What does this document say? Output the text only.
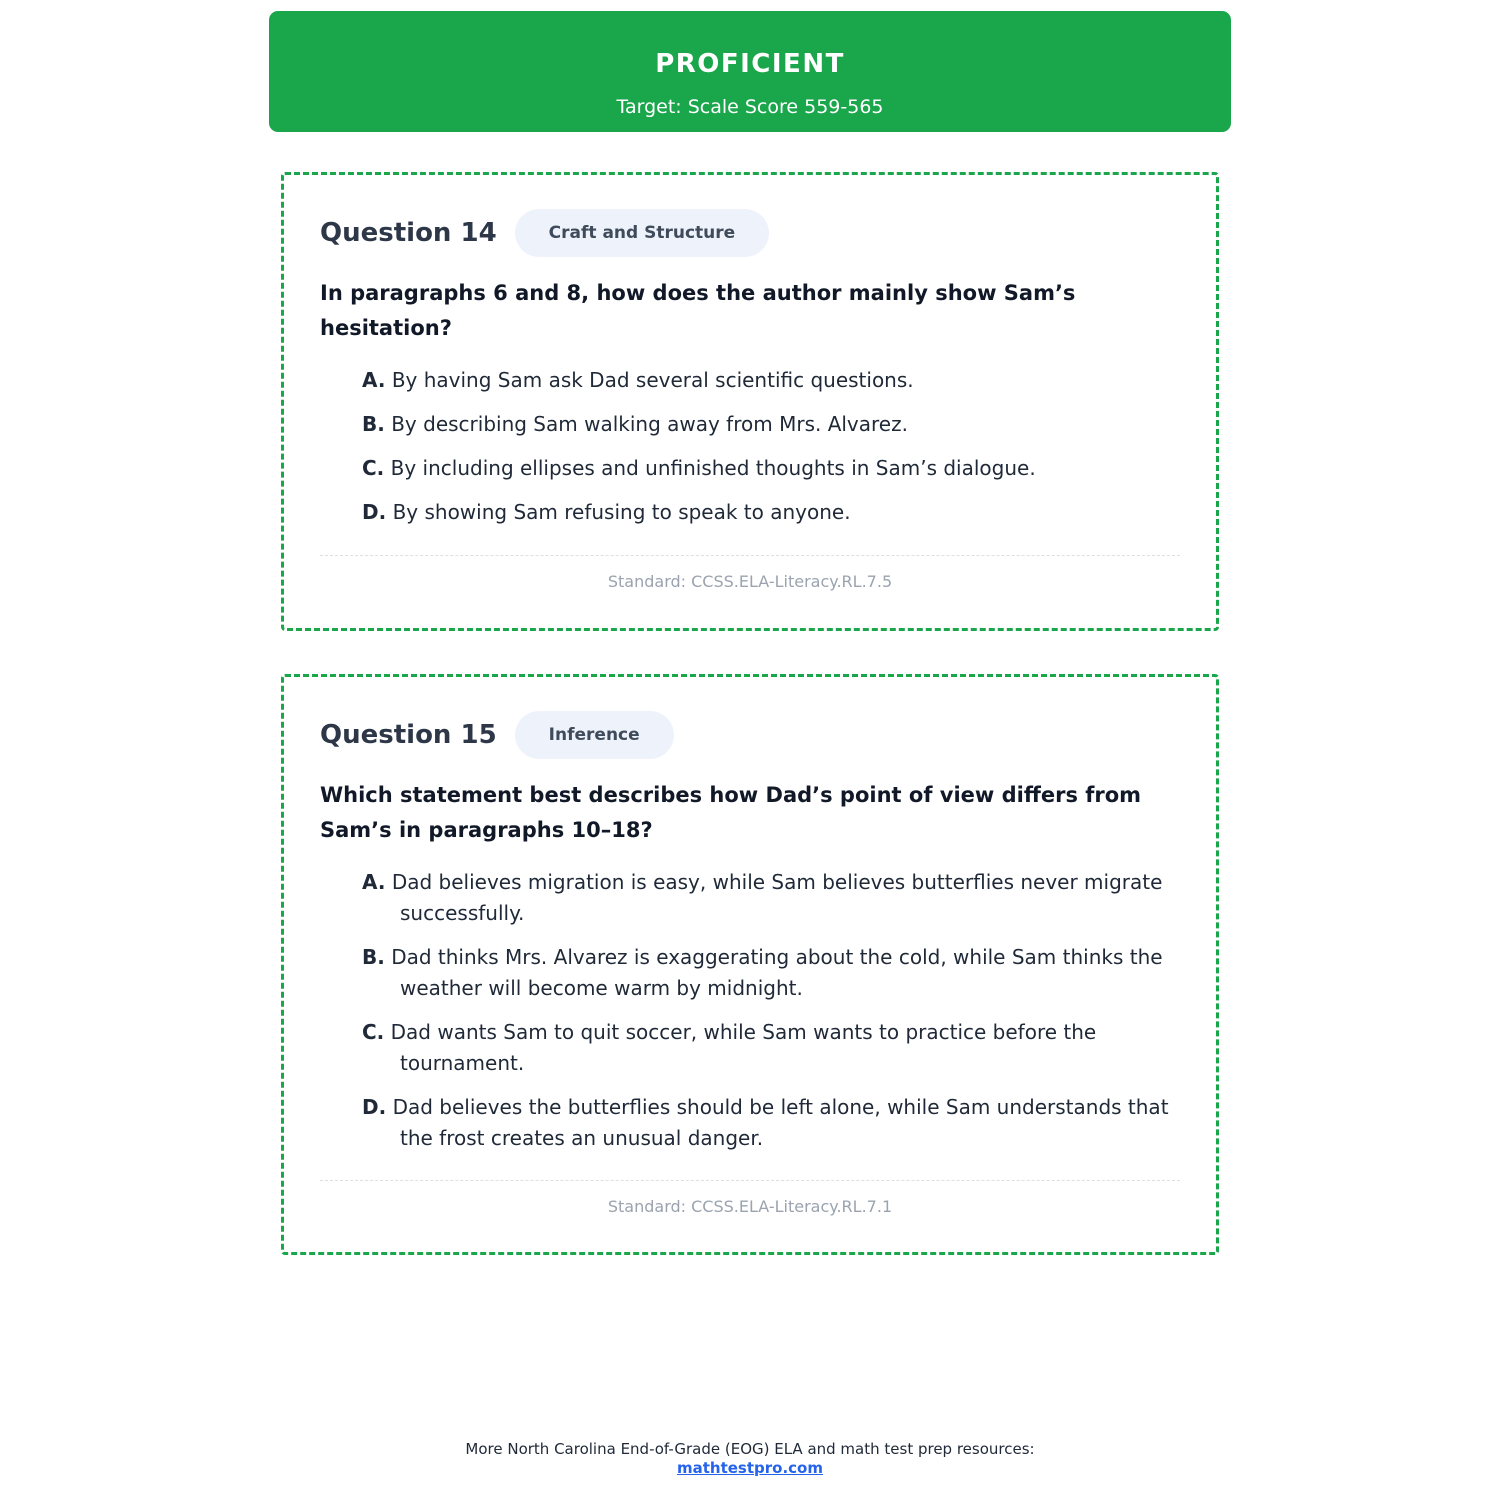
PROFICIENT
Target: Scale Score 559-565
Question 14	Craft and Structure
In paragraphs 6 and 8, how does the author mainly show Sam’s hesitation?
A. By having Sam ask Dad several scientific questions.
B. By describing Sam walking away from Mrs. Alvarez.
C. By including ellipses and unfinished thoughts in Sam’s dialogue.
D. By showing Sam refusing to speak to anyone.
Standard: CCSS.ELA-Literacy.RL.7.5
Question 15	Inference
Which statement best describes how Dad’s point of view differs from Sam’s in paragraphs 10–18?
A. Dad believes migration is easy, while Sam believes butterflies never migrate successfully.
B. Dad thinks Mrs. Alvarez is exaggerating about the cold, while Sam thinks the weather will become warm by midnight.
C. Dad wants Sam to quit soccer, while Sam wants to practice before the tournament.
D. Dad believes the butterflies should be left alone, while Sam understands that the frost creates an unusual danger.
Standard: CCSS.ELA-Literacy.RL.7.1
More North Carolina End-of-Grade (EOG) ELA and math test prep resources:
mathtestpro.com
